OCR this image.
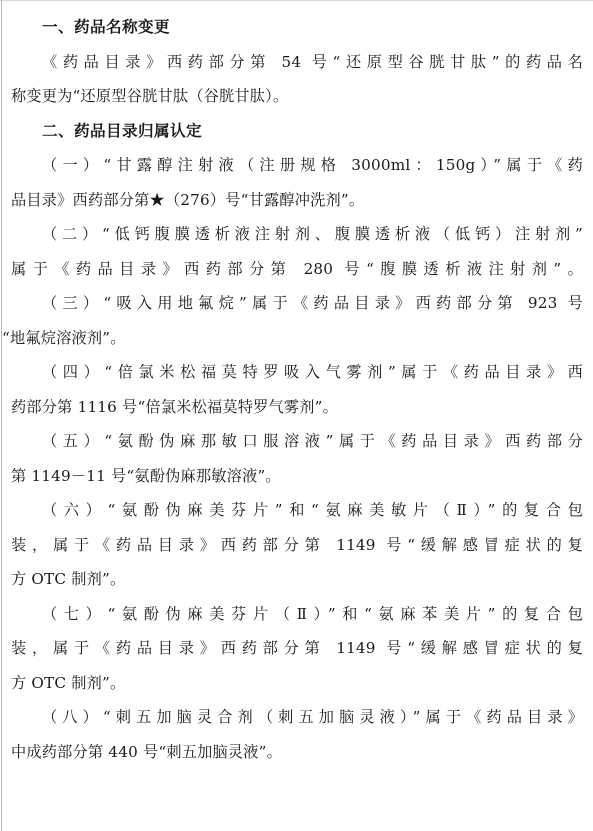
一、药品名称变更
《药品目录》西药部分第 54 号“还原型谷胱甘肽”的药品名
称变更为“还原型谷胱甘肽（谷胱甘肽）。
二、药品目录归属认定
（一）“甘露醇注射液（注册规格 3000ml：150g）”属于《药
品目录》西药部分第★（276）号“甘露醇冲洗剂”。
（二）“低钙腹膜透析液注射剂、腹膜透析液（低钙）注射剂”
属于《药品目录》西药部分第 280 号“腹膜透析液注射剂”。
（三）“吸入用地氟烷”属于《药品目录》西药部分第 923 号
“地氟烷溶液剂”。
（四）“倍氯米松福莫特罗吸入气雾剂”属于《药品目录》西
药部分第 1116 号“倍氯米松福莫特罗气雾剂”。
（五）“氨酚伪麻那敏口服溶液”属于《药品目录》西药部分
第 1149－11 号“氨酚伪麻那敏溶液”。
（六）“氨酚伪麻美芬片”和“氨麻美敏片（Ⅱ）”的复合包
装，属于《药品目录》西药部分第 1149 号“缓解感冒症状的复
方 OTC 制剂”。
（七）“氨酚伪麻美芬片（Ⅱ）”和“氨麻苯美片”的复合包
装，属于《药品目录》西药部分第 1149 号“缓解感冒症状的复
方 OTC 制剂”。
（八）“刺五加脑灵合剂（刺五加脑灵液）”属于《药品目录》
中成药部分第 440 号“刺五加脑灵液”。
